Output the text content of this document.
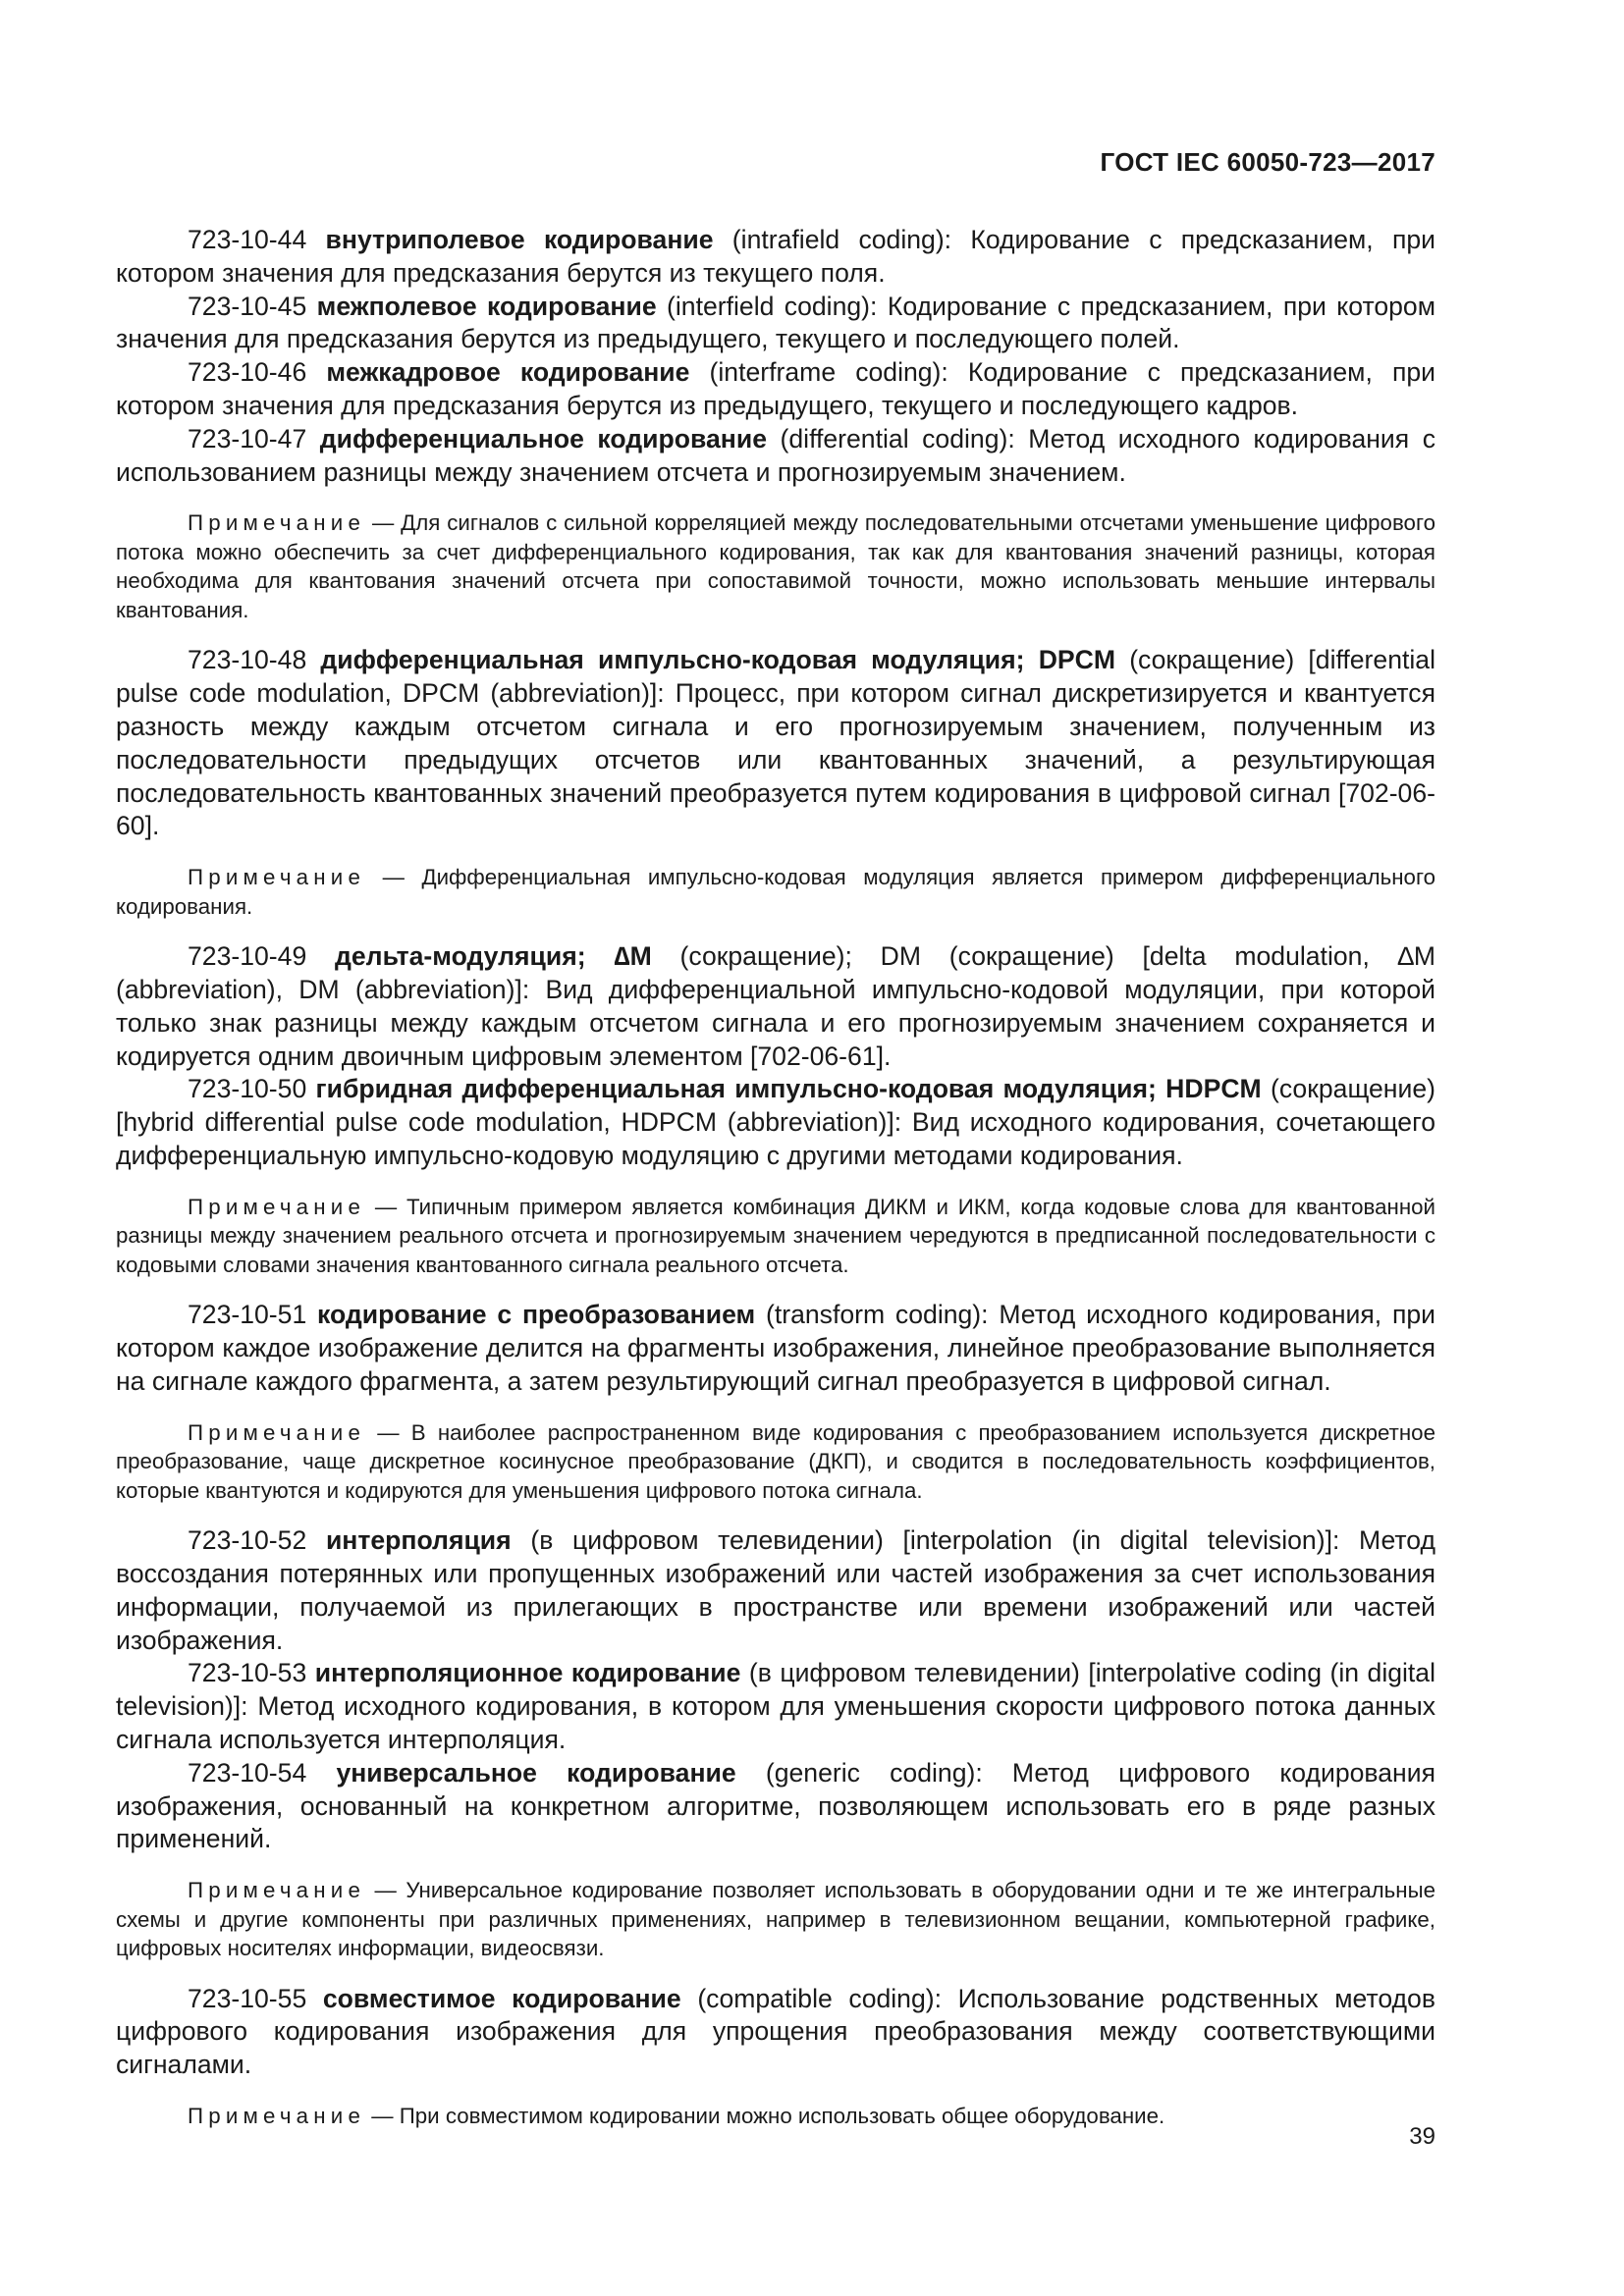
ГОСТ IEC 60050-723—2017

723-10-44 внутриполевое кодирование (intrafield coding): Кодирование с предсказанием, при котором значения для предсказания берутся из текущего поля.

723-10-45 межполевое кодирование (interfield coding): Кодирование с предсказанием, при котором значения для предсказания берутся из предыдущего, текущего и последующего полей.

723-10-46 межкадровое кодирование (interframe coding): Кодирование с предсказанием, при котором значения для предсказания берутся из предыдущего, текущего и последующего кадров.

723-10-47 дифференциальное кодирование (differential coding): Метод исходного кодирования с использованием разницы между значением отсчета и прогнозируемым значением.

Примечание — Для сигналов с сильной корреляцией между последовательными отсчетами уменьшение цифрового потока можно обеспечить за счет дифференциального кодирования, так как для квантования значений разницы, которая необходима для квантования значений отсчета при сопоставимой точности, можно использовать меньшие интервалы квантования.

723-10-48 дифференциальная импульсно-кодовая модуляция; DPCM (сокращение) [differential pulse code modulation, DPCM (abbreviation)]: Процесс, при котором сигнал дискретизируется и квантуется разность между каждым отсчетом сигнала и его прогнозируемым значением, полученным из последовательности предыдущих отсчетов или квантованных значений, а результирующая последовательность квантованных значений преобразуется путем кодирования в цифровой сигнал [702-06-60].

Примечание — Дифференциальная импульсно-кодовая модуляция является примером дифференциального кодирования.

723-10-49 дельта-модуляция; ∆M (сокращение); DM (сокращение) [delta modulation, ∆M (abbreviation), DM (abbreviation)]: Вид дифференциальной импульсно-кодовой модуляции, при которой только знак разницы между каждым отсчетом сигнала и его прогнозируемым значением сохраняется и кодируется одним двоичным цифровым элементом [702-06-61].

723-10-50 гибридная дифференциальная импульсно-кодовая модуляция; HDPCM (сокращение) [hybrid differential pulse code modulation, HDPCM (abbreviation)]: Вид исходного кодирования, сочетающего дифференциальную импульсно-кодовую модуляцию с другими методами кодирования.

Примечание — Типичным примером является комбинация ДИКМ и ИКМ, когда кодовые слова для квантованной разницы между значением реального отсчета и прогнозируемым значением чередуются в предписанной последовательности с кодовыми словами значения квантованного сигнала реального отсчета.

723-10-51 кодирование с преобразованием (transform coding): Метод исходного кодирования, при котором каждое изображение делится на фрагменты изображения, линейное преобразование выполняется на сигнале каждого фрагмента, а затем результирующий сигнал преобразуется в цифровой сигнал.

Примечание — В наиболее распространенном виде кодирования с преобразованием используется дискретное преобразование, чаще дискретное косинусное преобразование (ДКП), и сводится в последовательность коэффициентов, которые квантуются и кодируются для уменьшения цифрового потока сигнала.

723-10-52 интерполяция (в цифровом телевидении) [interpolation (in digital television)]: Метод воссоздания потерянных или пропущенных изображений или частей изображения за счет использования информации, получаемой из прилегающих в пространстве или времени изображений или частей изображения.

723-10-53 интерполяционное кодирование (в цифровом телевидении) [interpolative coding (in digital television)]: Метод исходного кодирования, в котором для уменьшения скорости цифрового потока данных сигнала используется интерполяция.

723-10-54 универсальное кодирование (generic coding): Метод цифрового кодирования изображения, основанный на конкретном алгоритме, позволяющем использовать его в ряде разных применений.

Примечание — Универсальное кодирование позволяет использовать в оборудовании одни и те же интегральные схемы и другие компоненты при различных применениях, например в телевизионном вещании, компьютерной графике, цифровых носителях информации, видеосвязи.

723-10-55 совместимое кодирование (compatible coding): Использование родственных методов цифрового кодирования изображения для упрощения преобразования между соответствующими сигналами.

Примечание — При совместимом кодировании можно использовать общее оборудование.

39
